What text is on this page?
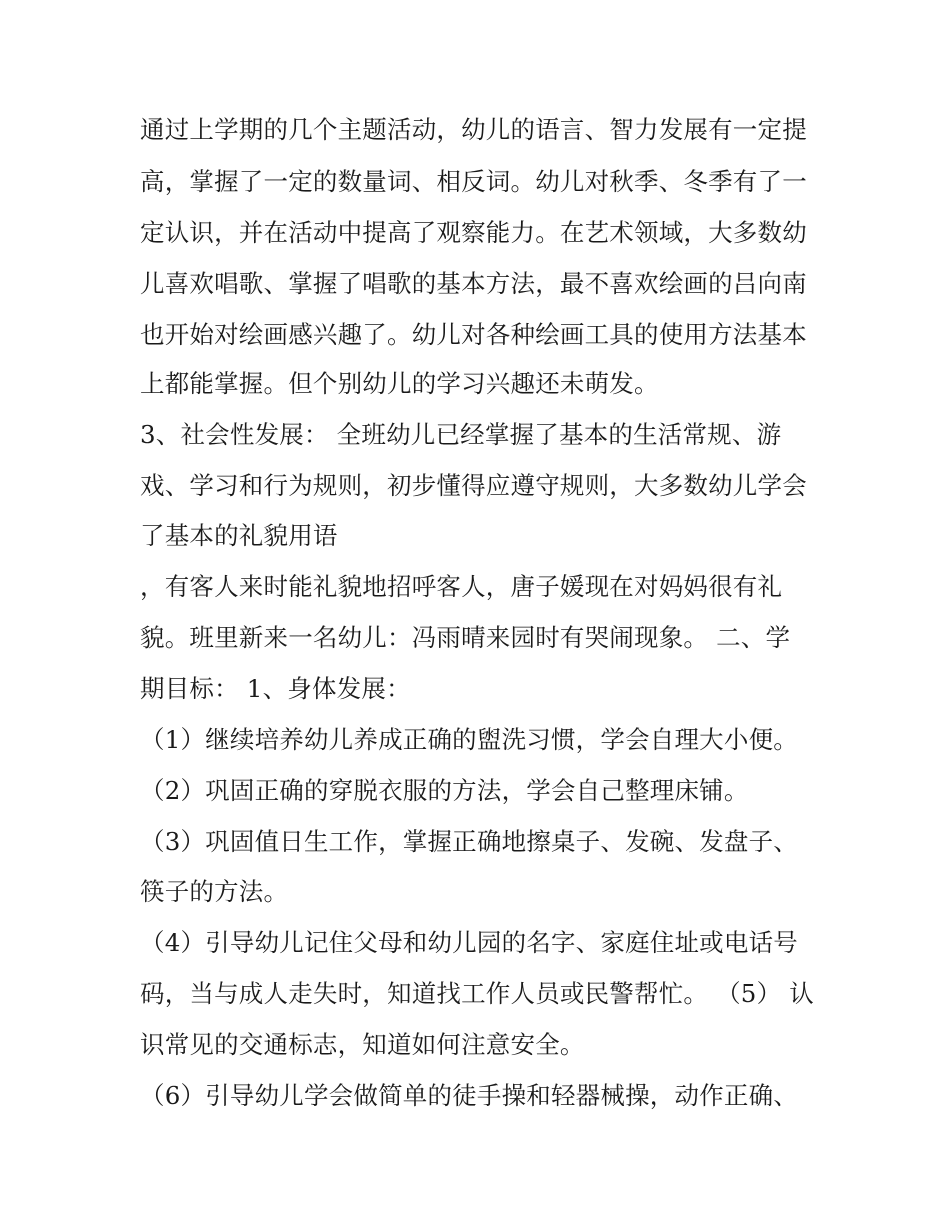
通过上学期的几个主题活动，幼儿的语言、智力发展有一定提
高，掌握了一定的数量词、相反词。幼儿对秋季、冬季有了一
定认识，并在活动中提高了观察能力。在艺术领域，大多数幼
儿喜欢唱歌、掌握了唱歌的基本方法，最不喜欢绘画的吕向南
也开始对绘画感兴趣了。幼儿对各种绘画工具的使用方法基本
上都能掌握。但个别幼儿的学习兴趣还未萌发。
3、社会性发展： 全班幼儿已经掌握了基本的生活常规、游
戏、学习和行为规则，初步懂得应遵守规则，大多数幼儿学会
了基本的礼貌用语
，有客人来时能礼貌地招呼客人，唐子媛现在对妈妈很有礼
貌。班里新来一名幼儿：冯雨晴来园时有哭闹现象。 二、学
期目标： 1、身体发展：
（1）继续培养幼儿养成正确的盥洗习惯，学会自理大小便。
（2）巩固正确的穿脱衣服的方法，学会自己整理床铺。
（3）巩固值日生工作，掌握正确地擦桌子、发碗、发盘子、
筷子的方法。
（4）引导幼儿记住父母和幼儿园的名字、家庭住址或电话号
码，当与成人走失时，知道找工作人员或民警帮忙。 （5） 认
识常见的交通标志，知道如何注意安全。
（6）引导幼儿学会做简单的徒手操和轻器械操，动作正确、
